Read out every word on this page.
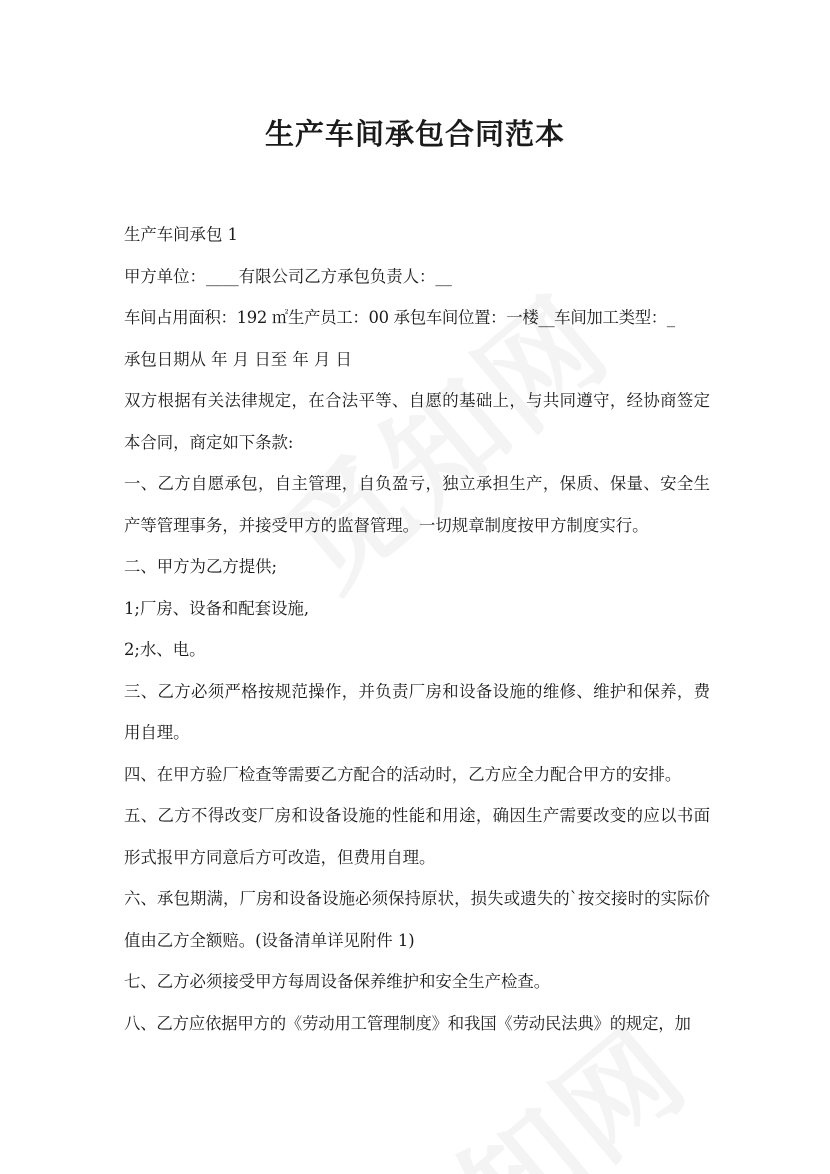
生产车间承包合同范本

生产车间承包 1

甲方单位：____有限公司乙方承包负责人：__

车间占用面积：192 ㎡生产员工：00 承包车间位置：一楼__车间加工类型：_

承包日期从 年 月 日至 年 月 日

双方根据有关法律规定，在合法平等、自愿的基础上，与共同遵守，经协商签定本合同，商定如下条款:

一、乙方自愿承包，自主管理，自负盈亏，独立承担生产，保质、保量、安全生产等管理事务，并接受甲方的监督管理。一切规章制度按甲方制度实行。

二、甲方为乙方提供;

1;厂房、设备和配套设施,

2;水、电。

三、乙方必须严格按规范操作，并负责厂房和设备设施的维修、维护和保养，费用自理。

四、在甲方验厂检查等需要乙方配合的活动时，乙方应全力配合甲方的安排。

五、乙方不得改变厂房和设备设施的性能和用途，确因生产需要改变的应以书面形式报甲方同意后方可改造，但费用自理。

六、承包期满，厂房和设备设施必须保持原状，损失或遗失的`按交接时的实际价值由乙方全额赔。(设备清单详见附件 1)

七、乙方必须接受甲方每周设备保养维护和安全生产检查。

八、乙方应依据甲方的《劳动用工管理制度》和我国《劳动民法典》的规定，加
